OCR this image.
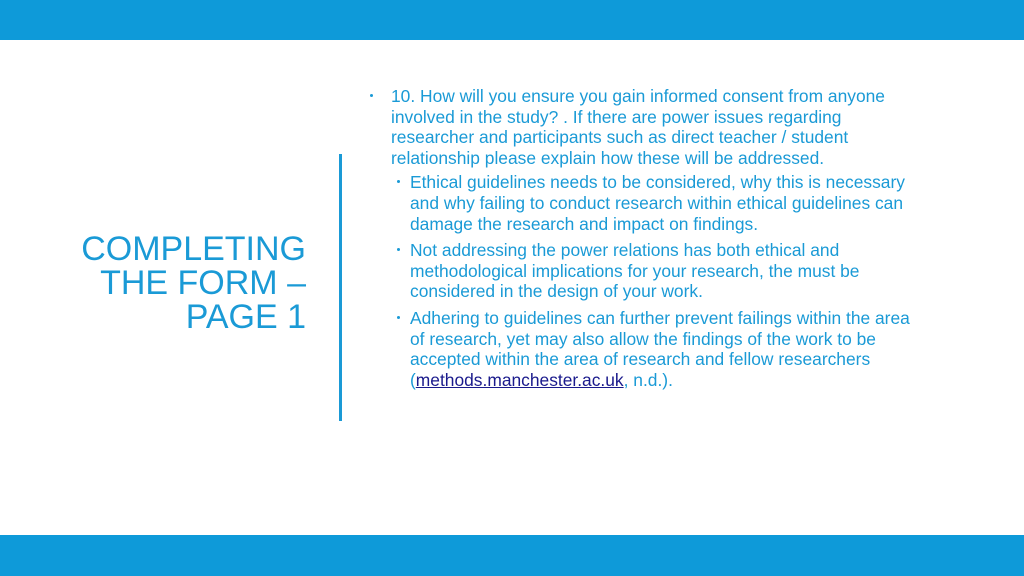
COMPLETING
THE FORM –
PAGE 1
10. How will you ensure you gain informed consent from anyone involved in the study? . If there are power issues regarding researcher and participants such as direct teacher / student relationship please explain how these will be addressed.
Ethical guidelines needs to be considered, why this is necessary and why failing to conduct research within ethical guidelines can damage the research and impact on findings.
Not addressing the power relations has both ethical and methodological implications for your research, the must be considered in the design of your work.
Adhering to guidelines can further prevent failings within the area of research, yet may also allow the findings of the work to be accepted within the area of research and fellow researchers (methods.manchester.ac.uk, n.d.).
